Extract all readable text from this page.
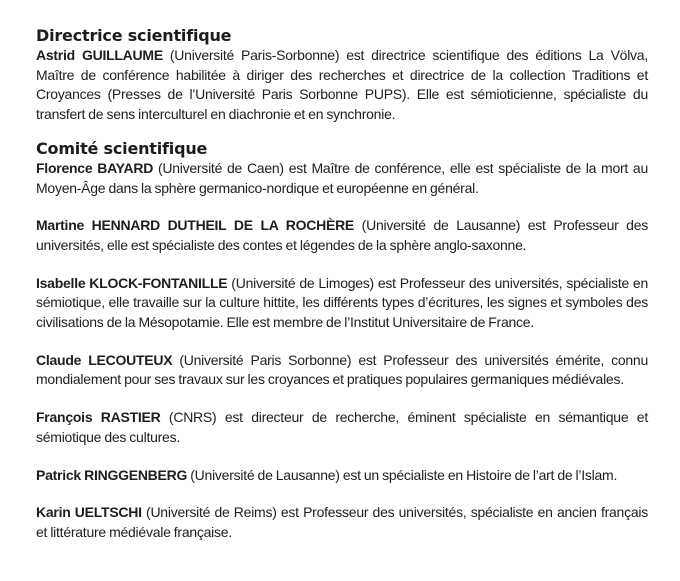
Directrice scientifique

Astrid GUILLAUME (Université Paris-Sorbonne) est directrice scientifique des éditions La Völva, Maître de conférence habilitée à diriger des recherches et directrice de la collection Traditions et Croyances (Presses de l’Université Paris Sorbonne PUPS). Elle est sémioticienne, spécialiste du transfert de sens interculturel en diachronie et en synchronie.

Comité scientifique

Florence BAYARD (Université de Caen) est Maître de conférence, elle est spécialiste de la mort au Moyen-Âge dans la sphère germanico-nordique et européenne en général.

Martine HENNARD DUTHEIL DE LA ROCHÈRE (Université de Lausanne) est Professeur des universités, elle est spécialiste des contes et légendes de la sphère anglo-saxonne.

Isabelle KLOCK-FONTANILLE (Université de Limoges) est Professeur des universités, spécialiste en sémiotique, elle travaille sur la culture hittite, les différents types d’écritures, les signes et symboles des civilisations de la Mésopotamie. Elle est membre de l’Institut Universitaire de France.

Claude LECOUTEUX (Université Paris Sorbonne) est Professeur des universités émérite, connu mondialement pour ses travaux sur les croyances et pratiques populaires germaniques médiévales.

François RASTIER (CNRS) est directeur de recherche, éminent spécialiste en sémantique et sémiotique des cultures.

Patrick RINGGENBERG (Université de Lausanne) est un spécialiste en Histoire de l’art de l’Islam.

Karin UELTSCHI (Université de Reims) est Professeur des universités, spécialiste en ancien français et littérature médiévale française.
